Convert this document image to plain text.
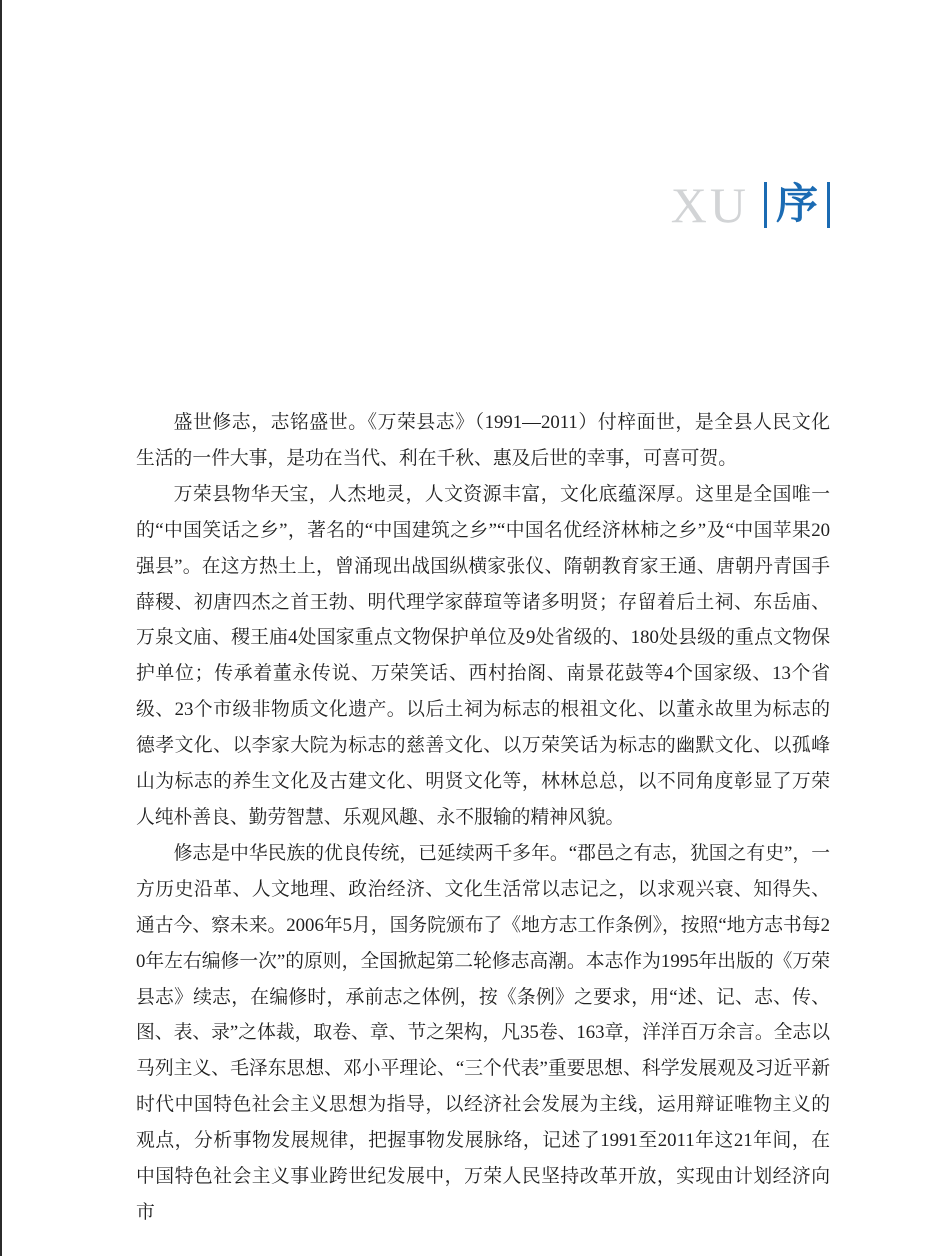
XU 序

盛世修志，志铭盛世。《万荣县志》（1991—2011）付梓面世，是全县人民文化生活的一件大事，是功在当代、利在千秋、惠及后世的幸事，可喜可贺。

万荣县物华天宝，人杰地灵，人文资源丰富，文化底蕴深厚。这里是全国唯一的“中国笑话之乡”，著名的“中国建筑之乡”“中国名优经济林柿之乡”及“中国苹果20强县”。在这方热土上，曾涌现出战国纵横家张仪、隋朝教育家王通、唐朝丹青国手薛稷、初唐四杰之首王勃、明代理学家薛瑄等诸多明贤；存留着后土祠、东岳庙、万泉文庙、稷王庙4处国家重点文物保护单位及9处省级的、180处县级的重点文物保护单位；传承着董永传说、万荣笑话、西村抬阁、南景花鼓等4个国家级、13个省级、23个市级非物质文化遗产。以后土祠为标志的根祖文化、以董永故里为标志的德孝文化、以李家大院为标志的慈善文化、以万荣笑话为标志的幽默文化、以孤峰山为标志的养生文化及古建文化、明贤文化等，林林总总，以不同角度彰显了万荣人纯朴善良、勤劳智慧、乐观风趣、永不服输的精神风貌。

修志是中华民族的优良传统，已延续两千多年。“郡邑之有志，犹国之有史”，一方历史沿革、人文地理、政治经济、文化生活常以志记之，以求观兴衰、知得失、通古今、察未来。2006年5月，国务院颁布了《地方志工作条例》，按照“地方志书每20年左右编修一次”的原则，全国掀起第二轮修志高潮。本志作为1995年出版的《万荣县志》续志，在编修时，承前志之体例，按《条例》之要求，用“述、记、志、传、图、表、录”之体裁，取卷、章、节之架构，凡35卷、163章，洋洋百万余言。全志以马列主义、毛泽东思想、邓小平理论、“三个代表”重要思想、科学发展观及习近平新时代中国特色社会主义思想为指导，以经济社会发展为主线，运用辩证唯物主义的观点，分析事物发展规律，把握事物发展脉络，记述了1991至2011年这21年间，在中国特色社会主义事业跨世纪发展中，万荣人民坚持改革开放，实现由计划经济向市
